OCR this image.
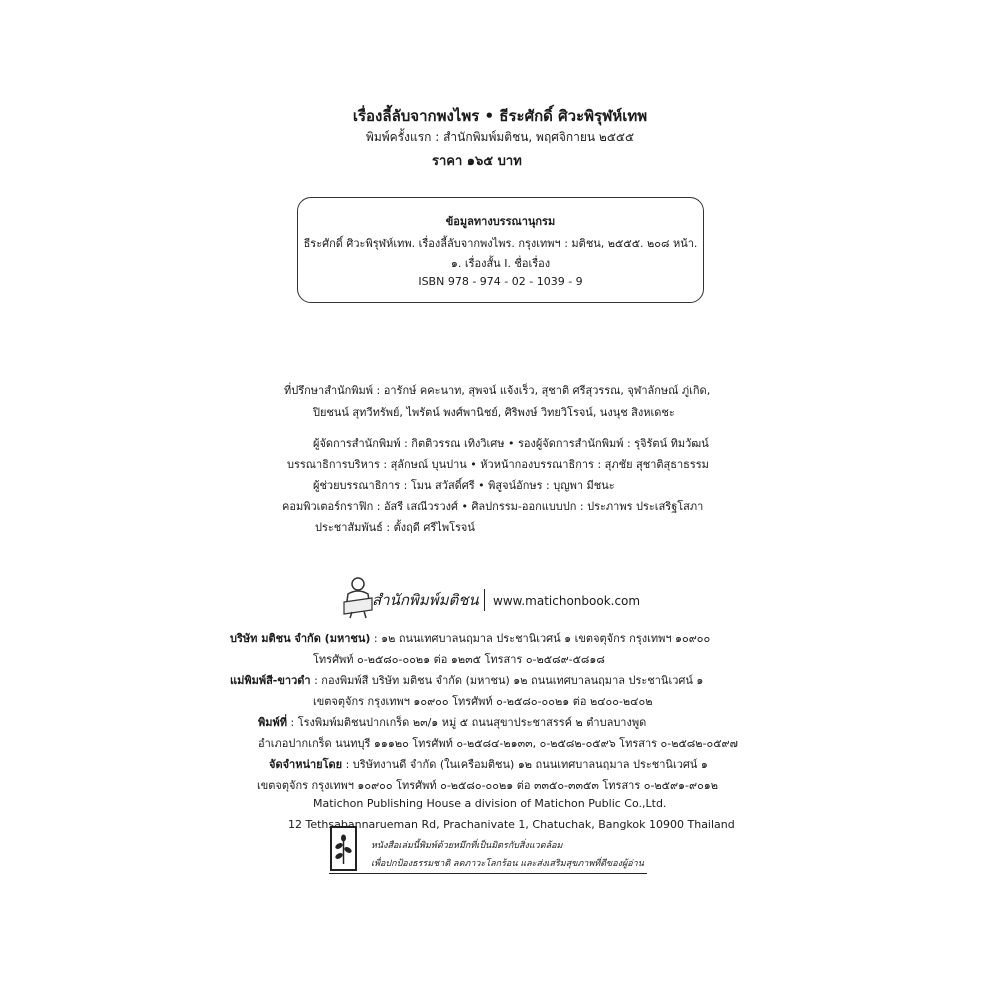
เรื่องลี้ลับจากพงไพร • ธีระศักดิ์ ศิวะพิรุฬห์เทพ
พิมพ์ครั้งแรก : สำนักพิมพ์มติชน, พฤศจิกายน ๒๕๕๕
ราคา ๑๖๕ บาท
ข้อมูลทางบรรณานุกรม
ธีระศักดิ์ ศิวะพิรุฬห์เทพ. เรื่องลี้ลับจากพงไพร. กรุงเทพฯ : มติชน, ๒๕๕๕. ๒๐๘ หน้า.
๑. เรื่องสั้น I. ชื่อเรื่อง
ISBN 978 - 974 - 02 - 1039 - 9
ที่ปรึกษาสำนักพิมพ์ : อารักษ์ คคะนาท, สุพจน์ แจ้งเร็ว, สุชาติ ศรีสุวรรณ, จุฬาลักษณ์ ภู่เกิด,
ปิยชนน์ สุทวีทรัพย์, ไพรัตน์ พงศ์พานิชย์, ศิริพงษ์ วิทยวิโรจน์, นงนุช สิงหเดชะ
ผู้จัดการสำนักพิมพ์ : กิตติวรรณ เทิงวิเศษ • รองผู้จัดการสำนักพิมพ์ : รุจิรัตน์ ทิมวัฒน์
บรรณาธิการบริหาร : สุลักษณ์ บุนปาน • หัวหน้ากองบรรณาธิการ : สุภชัย สุชาติสุธาธรรม
ผู้ช่วยบรรณาธิการ : โมน สวัสดิ์ศรี • พิสูจน์อักษร : บุญพา มีชนะ
คอมพิวเตอร์กราฟิก : อัสรี เสณีวรวงศ์ • ศิลปกรรม-ออกแบบปก : ประภาพร ประเสริฐโสภา
ประชาสัมพันธ์ : ตั้งฤดี ศรีไพโรจน์
สำนักพิมพ์มติชน www.matichonbook.com
บริษัท มติชน จำกัด (มหาชน) : ๑๒ ถนนเทศบาลนฤมาล ประชานิเวศน์ ๑ เขตจตุจักร กรุงเทพฯ ๑๐๙๐๐
โทรศัพท์ ๐-๒๕๘๐-๐๐๒๑ ต่อ ๑๒๓๕ โทรสาร ๐-๒๕๘๙-๕๘๑๘
แม่พิมพ์สี-ขาวดำ : กองพิมพ์สี บริษัท มติชน จำกัด (มหาชน) ๑๒ ถนนเทศบาลนฤมาล ประชานิเวศน์ ๑
เขตจตุจักร กรุงเทพฯ ๑๐๙๐๐ โทรศัพท์ ๐-๒๕๘๐-๐๐๒๑ ต่อ ๒๔๐๐-๒๔๐๒
พิมพ์ที่ : โรงพิมพ์มติชนปากเกร็ด ๒๓/๑ หมู่ ๕ ถนนสุขาประชาสรรค์ ๒ ตำบลบางพูด
อำเภอปากเกร็ด นนทบุรี ๑๑๑๒๐ โทรศัพท์ ๐-๒๕๘๔-๒๑๓๓, ๐-๒๕๘๒-๐๕๙๖ โทรสาร ๐-๒๕๘๒-๐๕๙๗
จัดจำหน่ายโดย : บริษัทงานดี จำกัด (ในเครือมติชน) ๑๒ ถนนเทศบาลนฤมาล ประชานิเวศน์ ๑
เขตจตุจักร กรุงเทพฯ ๑๐๙๐๐ โทรศัพท์ ๐-๒๕๘๐-๐๐๒๑ ต่อ ๓๓๕๐-๓๓๕๓ โทรสาร ๐-๒๕๙๑-๙๐๑๒
Matichon Publishing House a division of Matichon Public Co.,Ltd.
12 Tethsabannarueman Rd, Prachanivate 1, Chatuchak, Bangkok 10900 Thailand
หนังสือเล่มนี้พิมพ์ด้วยหมึกที่เป็นมิตรกับสิ่งแวดล้อม
เพื่อปกป้องธรรมชาติ ลดภาวะโลกร้อน และส่งเสริมสุขภาพที่ดีของผู้อ่าน
